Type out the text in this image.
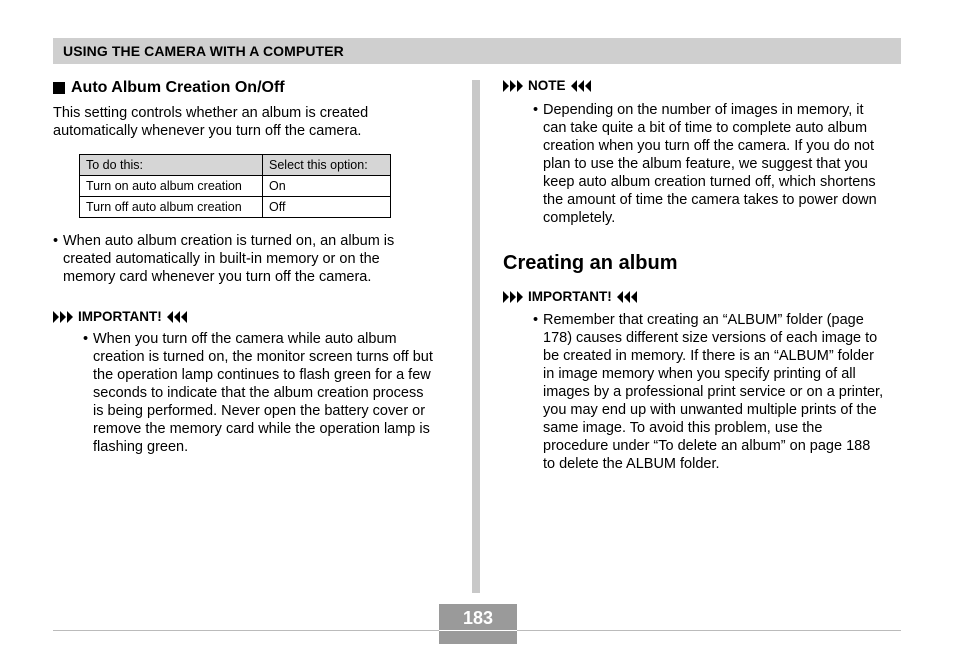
USING THE CAMERA WITH A COMPUTER
Auto Album Creation On/Off

This setting controls whether an album is created
automatically whenever you turn off the camera.

To do this:	Select this option:
Turn on auto album creation	On
Turn off auto album creation	Off
• When auto album creation is turned on, an album is
created automatically in built-in memory or on the
memory card whenever you turn off the camera.
IMPORTANT!
• When you turn off the camera while auto album
creation is turned on, the monitor screen turns off but
the operation lamp continues to flash green for a few
seconds to indicate that the album creation process
is being performed. Never open the battery cover or
remove the memory card while the operation lamp is
flashing green.
NOTE
• Depending on the number of images in memory, it
can take quite a bit of time to complete auto album
creation when you turn off the camera. If you do not
plan to use the album feature, we suggest that you
keep auto album creation turned off, which shortens
the amount of time the camera takes to power down
completely.
Creating an album
IMPORTANT!
• Remember that creating an “ALBUM” folder (page
178) causes different size versions of each image to
be created in memory. If there is an “ALBUM” folder
in image memory when you specify printing of all
images by a professional print service or on a printer,
you may end up with unwanted multiple prints of the
same image. To avoid this problem, use the
procedure under “To delete an album” on page 188
to delete the ALBUM folder.
183
